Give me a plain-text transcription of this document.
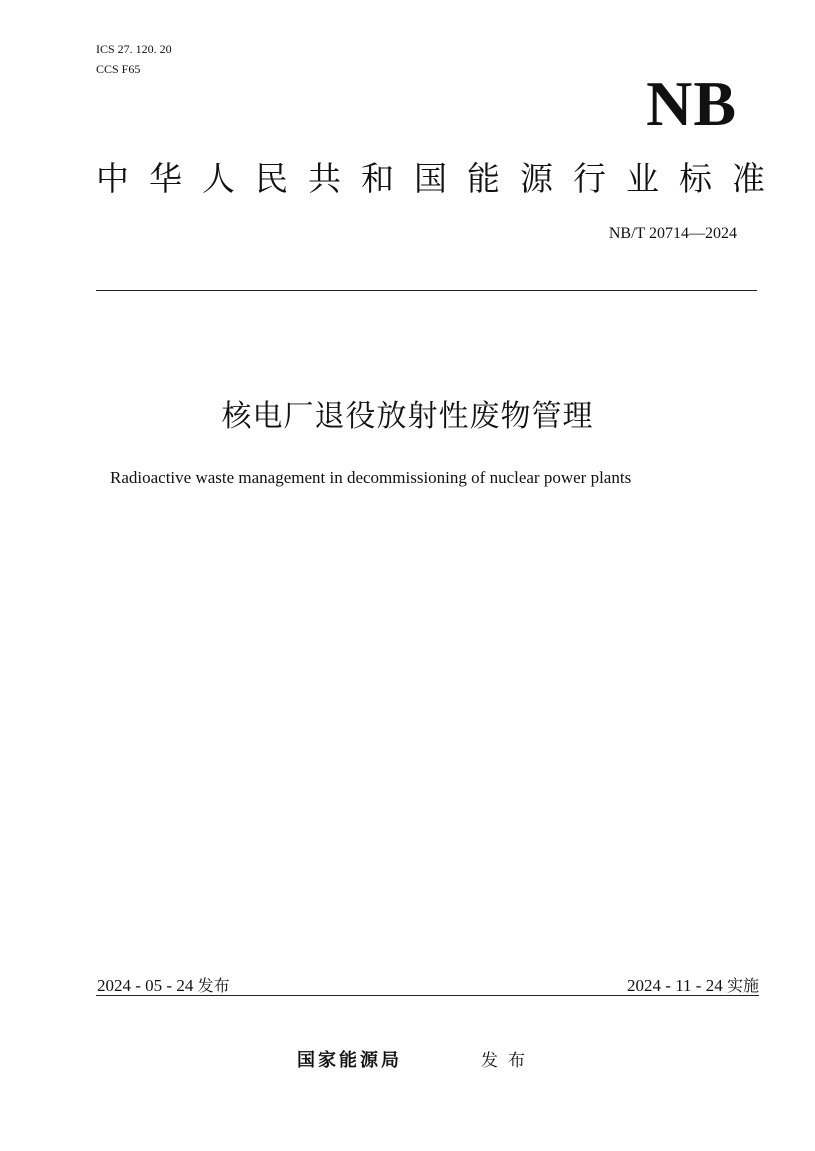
ICS 27. 120. 20
CCS F65	NB
中华人民共和国能源行业标准
NB/T 20714—2024
核电厂退役放射性废物管理
Radioactive waste management in decommissioning of nuclear power plants
2024 - 05 - 24 发布	2024 - 11 - 24 实施
国家能源局	发布
